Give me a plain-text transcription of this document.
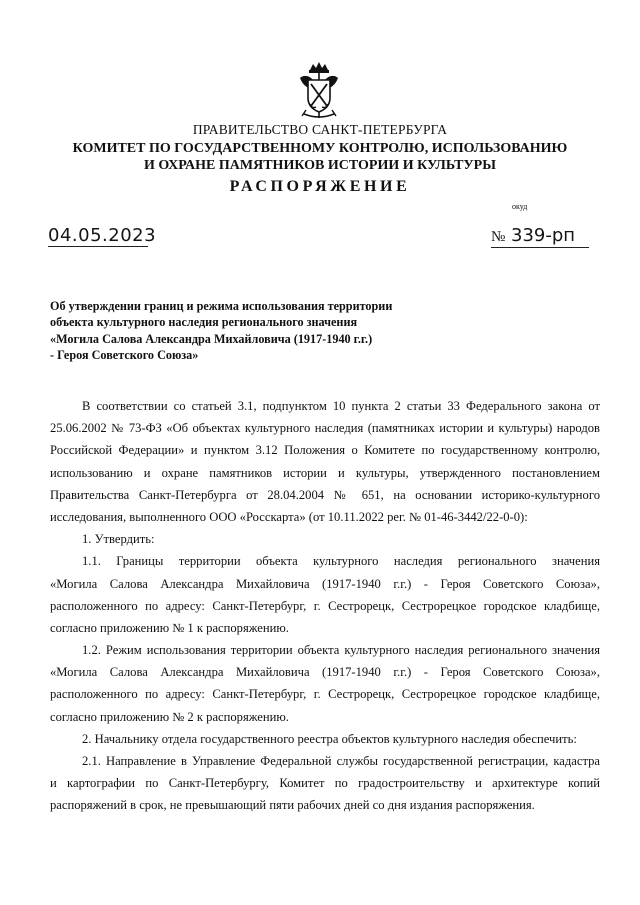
ПРАВИТЕЛЬСТВО САНКТ-ПЕТЕРБУРГА
КОМИТЕТ ПО ГОСУДАРСТВЕННОМУ КОНТРОЛЮ, ИСПОЛЬЗОВАНИЮ
И ОХРАНЕ ПАМЯТНИКОВ ИСТОРИИ И КУЛЬТУРЫ
РАСПОРЯЖЕНИЕ
окуд
04.05.2023	№ 339-рп
Об утверждении границ и режима использования территории
объекта культурного наследия регионального значения
«Могила Салова Александра Михайловича (1917-1940 г.г.)
- Героя Советского Союза»
В соответствии со статьей 3.1, подпунктом 10 пункта 2 статьи 33 Федерального закона от
25.06.2002 № 73-ФЗ «Об объектах культурного наследия (памятниках истории и культуры) народов
Российской Федерации» и пунктом 3.12 Положения о Комитете по государственному контролю,
использованию и охране памятников истории и культуры, утвержденного постановлением
Правительства Санкт-Петербурга от 28.04.2004 № 651, на основании историко-культурного
исследования, выполненного ООО «Росскарта» (от 10.11.2022 рег. № 01-46-3442/22-0-0):
1. Утвердить:
1.1. Границы территории объекта культурного наследия регионального значения
«Могила Салова Александра Михайловича (1917-1940 г.г.) - Героя Советского Союза»,
расположенного по адресу: Санкт-Петербург, г. Сестрорецк, Сестрорецкое городское кладбище,
согласно приложению № 1 к распоряжению.
1.2. Режим использования территории объекта культурного наследия регионального значения
«Могила Салова Александра Михайловича (1917-1940 г.г.) - Героя Советского Союза»,
расположенного по адресу: Санкт-Петербург, г. Сестрорецк, Сестрорецкое городское кладбище,
согласно приложению № 2 к распоряжению.
2. Начальнику отдела государственного реестра объектов культурного наследия обеспечить:
2.1. Направление в Управление Федеральной службы государственной регистрации, кадастра
и картографии по Санкт-Петербургу, Комитет по градостроительству и архитектуре копий
распоряжений в срок, не превышающий пяти рабочих дней со дня издания распоряжения.
